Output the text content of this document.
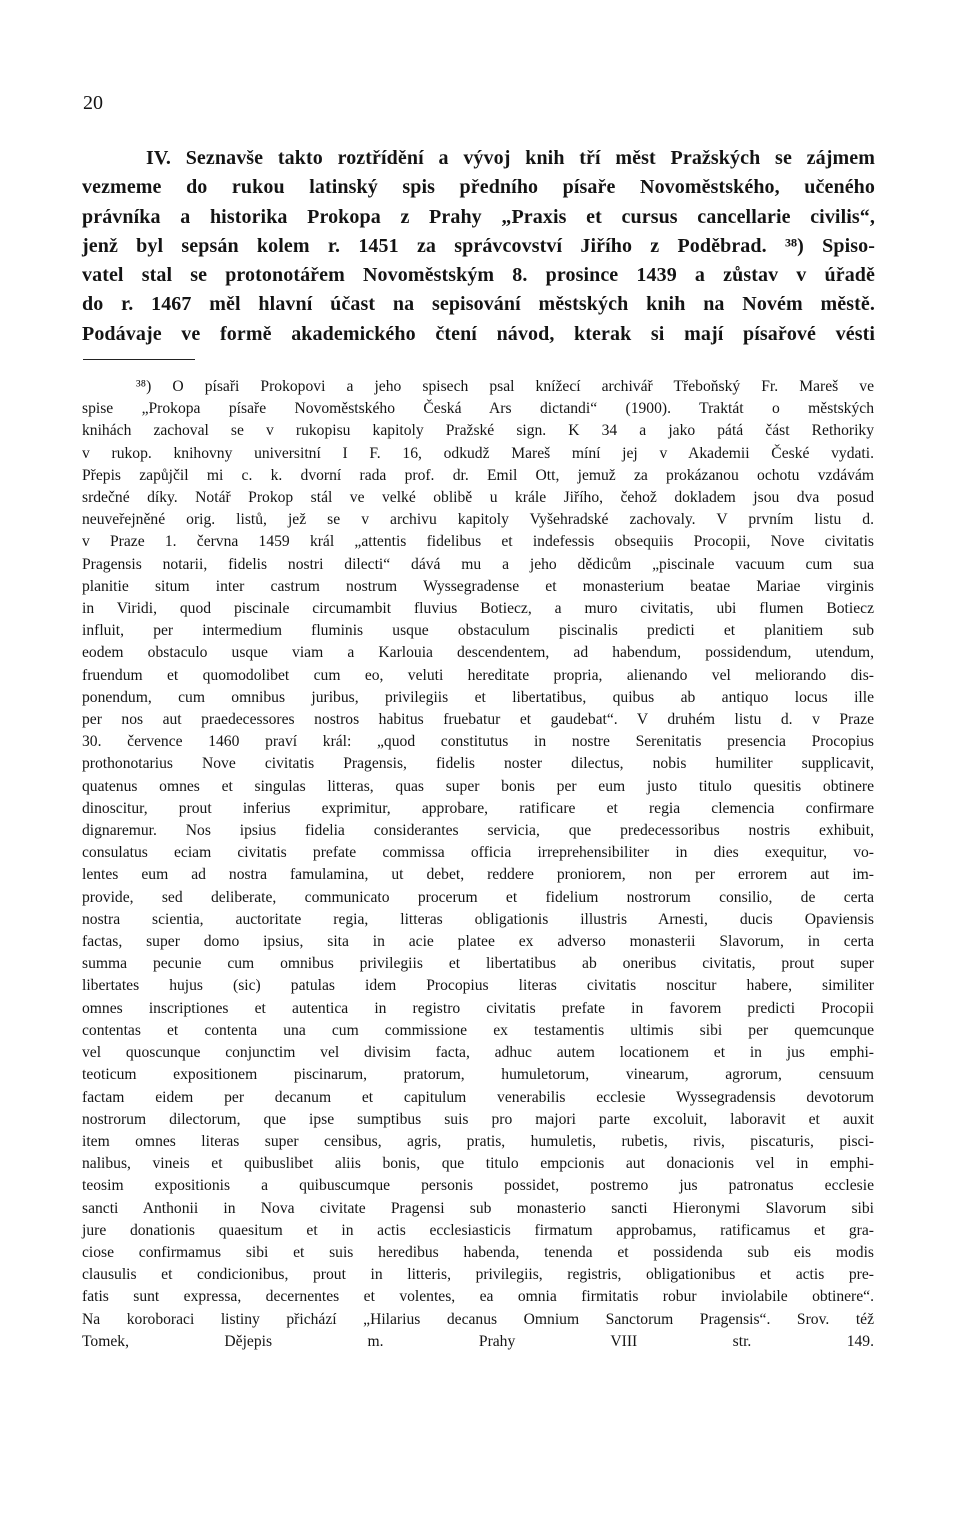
20
IV. Seznavše takto roztřídění a vývoj knih tří měst Pražských se zájmem
vezmeme do rukou latinský spis předního písaře Novoměstského, učeného
právníka a historika Prokopa z Prahy „Praxis et cursus cancellarie civilis“,
jenž byl sepsán kolem r. 1451 za správcovství Jiřího z Poděbrad. ³⁸) Spiso-
vatel stal se protonotářem Novoměstským 8. prosince 1439 a zůstav v úřadě
do r. 1467 měl hlavní účast na sepisování městských knih na Novém městě.
Podávaje ve formě akademického čtení návod, kterak si mají písařové vésti
³⁸) O písaři Prokopovi a jeho spisech psal knížecí archivář Třeboňský Fr. Mareš ve
spise „Prokopa písaře Novoměstského Česká Ars dictandi“ (1900). Traktát o městských
knihách zachoval se v rukopisu kapitoly Pražské sign. K 34 a jako pátá část Rethoriky
v rukop. knihovny universitní I F. 16, odkudž Mareš míní jej v Akademii České vydati.
Přepis zapůjčil mi c. k. dvorní rada prof. dr. Emil Ott, jemuž za prokázanou ochotu vzdávám
srdečné díky. Notář Prokop stál ve velké oblibě u krále Jiřího, čehož dokladem jsou dva posud
neuveřejněné orig. listů, jež se v archivu kapitoly Vyšehradské zachovaly. V prvním listu d.
v Praze 1. června 1459 král „attentis fidelibus et indefessis obsequiis Procopii, Nove civitatis
Pragensis notarii, fidelis nostri dilecti“ dává mu a jeho dědicům „piscinale vacuum cum sua
planitie situm inter castrum nostrum Wyssegradense et monasterium beatae Mariae virginis
in Viridi, quod piscinale circumambit fluvius Botiecz, a muro civitatis, ubi flumen Botiecz
influit, per intermedium fluminis usque obstaculum piscinalis predicti et planitiem sub
eodem obstaculo usque viam a Karlouia descendentem, ad habendum, possidendum, utendum,
fruendum et quomodolibet cum eo, veluti hereditate propria, alienando vel meliorando dis-
ponendum, cum omnibus juribus, privilegiis et libertatibus, quibus ab antiquo locus ille
per nos aut praedecessores nostros habitus fruebatur et gaudebat“. V druhém listu d. v Praze
30. července 1460 praví král: „quod constitutus in nostre Serenitatis presencia Procopius
prothonotarius Nove civitatis Pragensis, fidelis noster dilectus, nobis humiliter supplicavit,
quatenus omnes et singulas litteras, quas super bonis per eum justo titulo quesitis obtinere
dinoscitur, prout inferius exprimitur, approbare, ratificare et regia clemencia confirmare
dignaremur. Nos ipsius fidelia considerantes servicia, que predecessoribus nostris exhibuit,
consulatus eciam civitatis prefate commissa officia irreprehensibiliter in dies exequitur, vo-
lentes eum ad nostra famulamina, ut debet, reddere proniorem, non per errorem aut im-
provide, sed deliberate, communicato procerum et fidelium nostrorum consilio, de certa
nostra scientia, auctoritate regia, litteras obligationis illustris Arnesti, ducis Opaviensis
factas, super domo ipsius, sita in acie platee ex adverso monasterii Slavorum, in certa
summa pecunie cum omnibus privilegiis et libertatibus ab oneribus civitatis, prout super
libertates hujus (sic) patulas idem Procopius literas civitatis noscitur habere, similiter
omnes inscriptiones et autentica in registro civitatis prefate in favorem predicti Procopii
contentas et contenta una cum commissione ex testamentis ultimis sibi per quemcunque
vel quoscunque conjunctim vel divisim facta, adhuc autem locationem et in jus emphi-
teoticum expositionem piscinarum, pratorum, humuletorum, vinearum, agrorum, censuum
factam eidem per decanum et capitulum venerabilis ecclesie Wyssegradensis devotorum
nostrorum dilectorum, que ipse sumptibus suis pro majori parte excoluit, laboravit et auxit
item omnes literas super censibus, agris, pratis, humuletis, rubetis, rivis, piscaturis, pisci-
nalibus, vineis et quibuslibet aliis bonis, que titulo empcionis aut donacionis vel in emphi-
teosim expositionis a quibuscumque personis possidet, postremo jus patronatus ecclesie
sancti Anthonii in Nova civitate Pragensi sub monasterio sancti Hieronymi Slavorum sibi
jure donationis quaesitum et in actis ecclesiasticis firmatum approbamus, ratificamus et gra-
ciose confirmamus sibi et suis heredibus habenda, tenenda et possidenda sub eis modis
clausulis et condicionibus, prout in litteris, privilegiis, registris, obligationibus et actis pre-
fatis sunt expressa, decernentes et volentes, ea omnia firmitatis robur inviolabile obtinere“.
Na koroboraci listiny přichází „Hilarius decanus Omnium Sanctorum Pragensis“. Srov. též
Tomek, Dějepis m. Prahy VIII str. 149.
